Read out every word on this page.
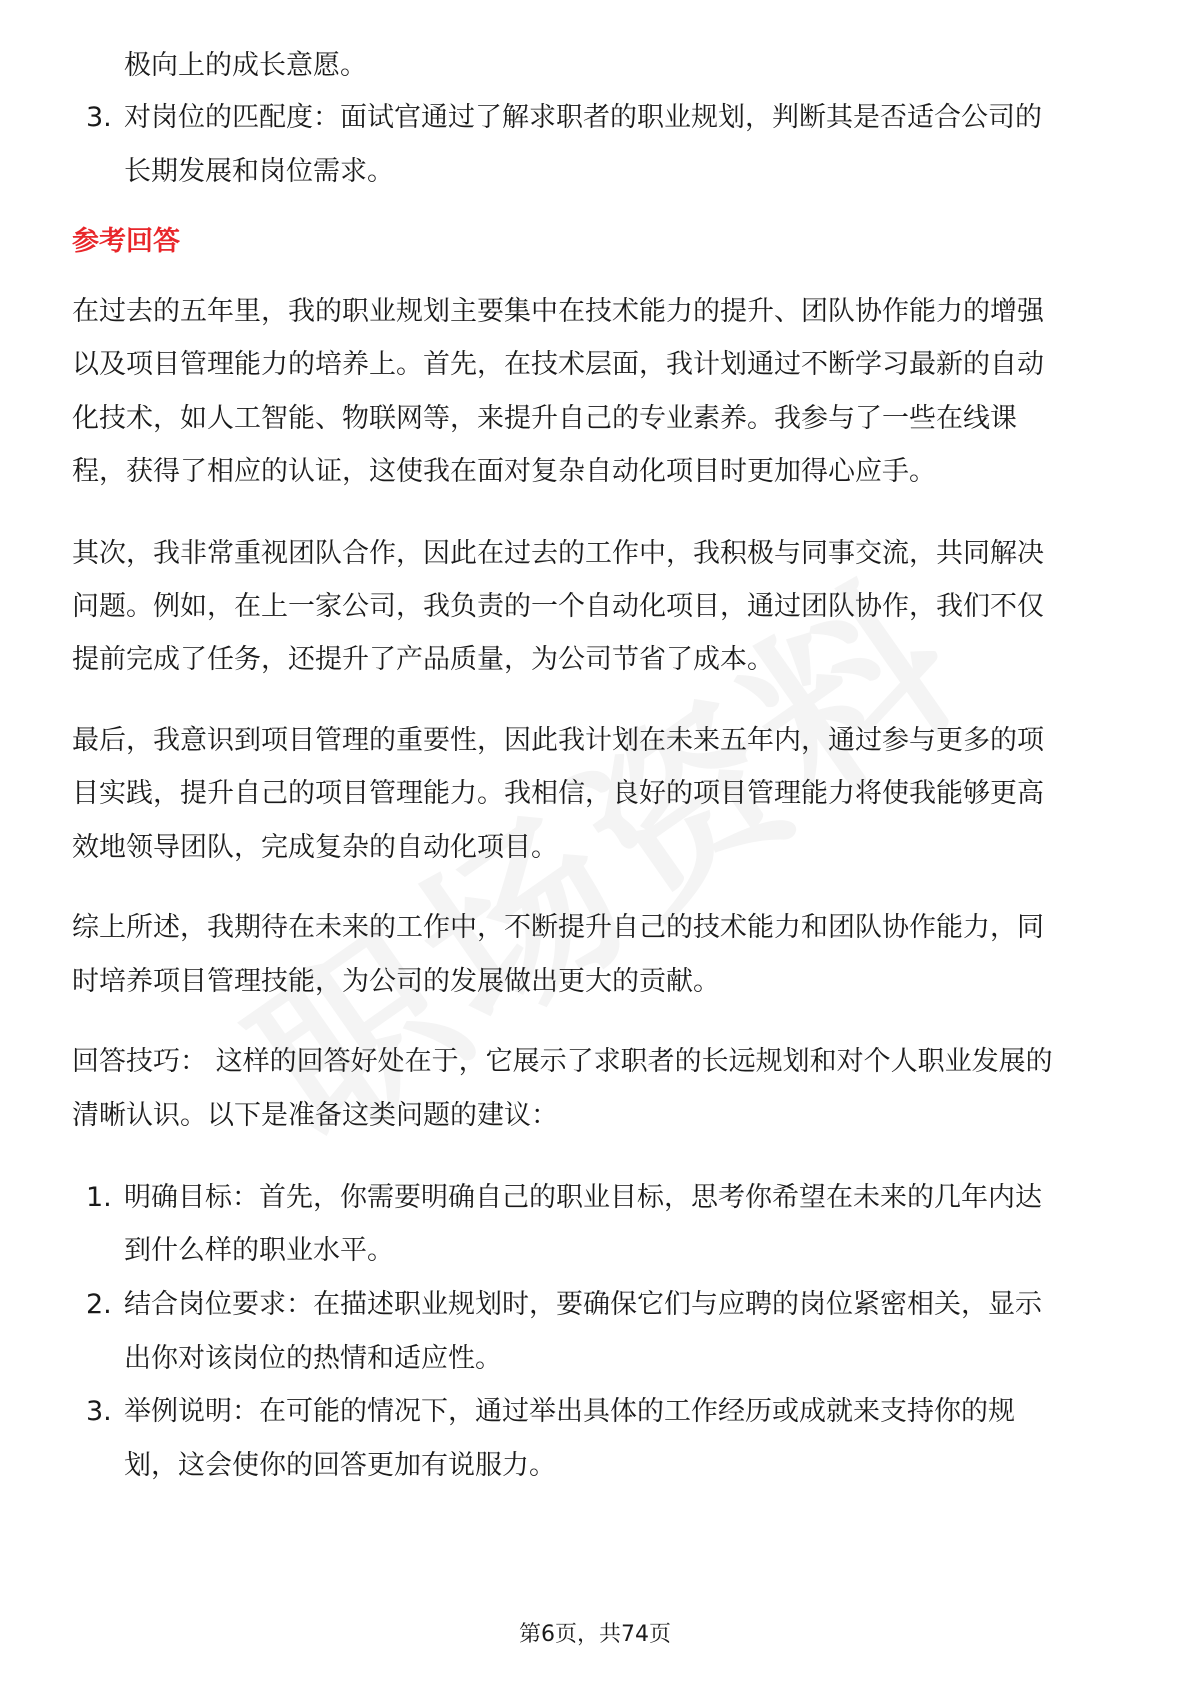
极向上的成长意愿。
3. 对岗位的匹配度：面试官通过了解求职者的职业规划，判断其是否适合公司的
长期发展和岗位需求。
参考回答
在过去的五年里，我的职业规划主要集中在技术能力的提升、团队协作能力的增强
以及项目管理能力的培养上。首先，在技术层面，我计划通过不断学习最新的自动
化技术，如人工智能、物联网等，来提升自己的专业素养。我参与了一些在线课
程，获得了相应的认证，这使我在面对复杂自动化项目时更加得心应手。
其次，我非常重视团队合作，因此在过去的工作中，我积极与同事交流，共同解决
问题。例如，在上一家公司，我负责的一个自动化项目，通过团队协作，我们不仅
提前完成了任务，还提升了产品质量，为公司节省了成本。
最后，我意识到项目管理的重要性，因此我计划在未来五年内，通过参与更多的项
目实践，提升自己的项目管理能力。我相信，良好的项目管理能力将使我能够更高
效地领导团队，完成复杂的自动化项目。
综上所述，我期待在未来的工作中，不断提升自己的技术能力和团队协作能力，同
时培养项目管理技能，为公司的发展做出更大的贡献。
回答技巧： 这样的回答好处在于，它展示了求职者的长远规划和对个人职业发展的
清晰认识。以下是准备这类问题的建议：
1. 明确目标：首先，你需要明确自己的职业目标，思考你希望在未来的几年内达
到什么样的职业水平。
2. 结合岗位要求：在描述职业规划时，要确保它们与应聘的岗位紧密相关，显示
出你对该岗位的热情和适应性。
3. 举例说明：在可能的情况下，通过举出具体的工作经历或成就来支持你的规
划，这会使你的回答更加有说服力。
第6页，共74页
